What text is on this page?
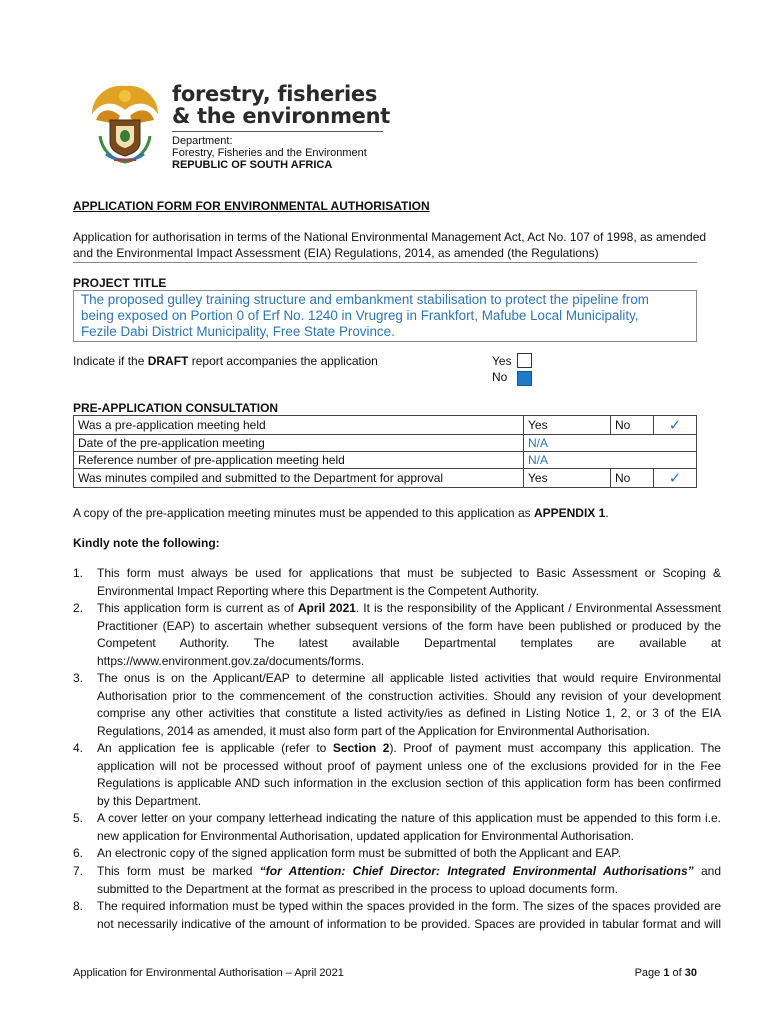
forestry, fisheries
& the environment
Department:
Forestry, Fisheries and the Environment
REPUBLIC OF SOUTH AFRICA
APPLICATION FORM FOR ENVIRONMENTAL AUTHORISATION
Application for authorisation in terms of the National Environmental Management Act, Act No. 107 of 1998, as amended
and the Environmental Impact Assessment (EIA) Regulations, 2014, as amended (the Regulations)
PROJECT TITLE
The proposed gulley training structure and embankment stabilisation to protect the pipeline from
being exposed on Portion 0 of Erf No. 1240 in Vrugreg in Frankfort, Mafube Local Municipality,
Fezile Dabi District Municipality, Free State Province.
Indicate if the DRAFT report accompanies the application	Yes
No
PRE-APPLICATION CONSULTATION
Was a pre-application meeting held	Yes	No	✓
Date of the pre-application meeting	N/A		
Reference number of pre-application meeting held	N/A		
Was minutes compiled and submitted to the Department for approval	Yes	No	✓
A copy of the pre-application meeting minutes must be appended to this application as APPENDIX 1.
Kindly note the following:
1. This form must always be used for applications that must be subjected to Basic Assessment or Scoping &
Environmental Impact Reporting where this Department is the Competent Authority.
2. This application form is current as of April 2021. It is the responsibility of the Applicant / Environmental Assessment
Practitioner (EAP) to ascertain whether subsequent versions of the form have been published or produced by the
Competent Authority. The latest available Departmental templates are available at
https://www.environment.gov.za/documents/forms.
3. The onus is on the Applicant/EAP to determine all applicable listed activities that would require Environmental
Authorisation prior to the commencement of the construction activities. Should any revision of your development
comprise any other activities that constitute a listed activity/ies as defined in Listing Notice 1, 2, or 3 of the EIA
Regulations, 2014 as amended, it must also form part of the Application for Environmental Authorisation.
4. An application fee is applicable (refer to Section 2). Proof of payment must accompany this application. The
application will not be processed without proof of payment unless one of the exclusions provided for in the Fee
Regulations is applicable AND such information in the exclusion section of this application form has been confirmed
by this Department.
5. A cover letter on your company letterhead indicating the nature of this application must be appended to this form i.e.
new application for Environmental Authorisation, updated application for Environmental Authorisation.
6. An electronic copy of the signed application form must be submitted of both the Applicant and EAP.
7. This form must be marked “for Attention: Chief Director: Integrated Environmental Authorisations” and
submitted to the Department at the format as prescribed in the process to upload documents form.
8. The required information must be typed within the spaces provided in the form. The sizes of the spaces provided are
not necessarily indicative of the amount of information to be provided. Spaces are provided in tabular format and will
Application for Environmental Authorisation – April 2021	Page 1 of 30
